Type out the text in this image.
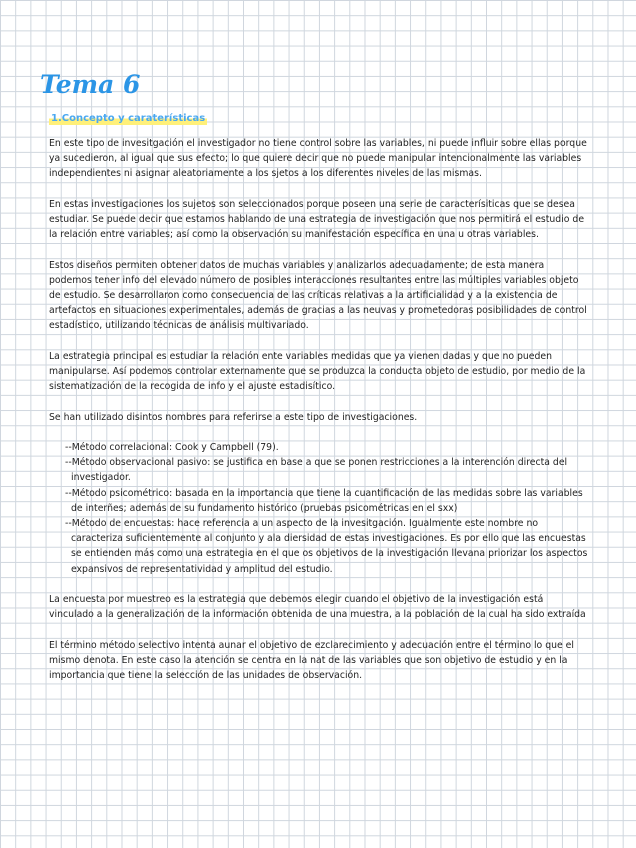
Tema 6
1.Concepto y caraterísticas

En este tipo de invesitgación el investigador no tiene control sobre las variables, ni puede influir sobre ellas porque ya sucedieron, al igual que sus efecto; lo que quiere decir que no puede manipular intencionalmente las variables independientes ni asignar aleatoriamente a los sjetos a los diferentes niveles de las mismas.

En estas investigaciones los sujetos son seleccionados porque poseen una serie de caracterísiticas que se desea estudiar. Se puede decir que estamos hablando de una estrategia de investigación que nos permitirá el estudio de la relación entre variables; así como la observación su manifestación específica en una u otras variables.

Estos diseños permiten obtener datos de muchas variables y analizarlos adecuadamente; de esta manera podemos tener info del elevado número de posibles interacciones resultantes entre las múltiples variables objeto de estudio. Se desarrollaron como consecuencia de las críticas relativas a la artificialidad y a la existencia de artefactos en situaciones experimentales, además de gracias a las neuvas y prometedoras posibilidades de control estadístico, utilizando técnicas de análisis multivariado.

La estrategia principal es estudiar la relación ente variables medidas que ya vienen dadas y que no pueden manipularse. Así podemos controlar externamente que se produzca la conducta objeto de estudio, por medio de la sistematización de la recogida de info y el ajuste estadisítico.

Se han utilizado disintos nombres para referirse a este tipo de investigaciones.

--Método correlacional: Cook y Campbell (79).
--Método observacional pasivo: se justifica en base a que se ponen restricciones a la interención directa del investigador.
--Método psicométrico: basada en la importancia que tiene la cuantificación de las medidas sobre las variables de interñes; además de su fundamento histórico (pruebas psicométricas en el sxx)
--Método de encuestas: hace referencia a un aspecto de la invesitgación. Igualmente este nombre no caracteriza suficientemente al conjunto y ala diersidad de estas investigaciones. Es por ello que las encuestas se entienden más como una estrategia en el que os objetivos de la investigación llevana priorizar los aspectos expansivos de representatividad y amplitud del estudio.

La encuesta por muestreo es la estrategia que debemos elegir cuando el objetivo de la investigación está vinculado a la generalización de la información obtenida de una muestra, a la población de la cual ha sido extraída

El término método selectivo intenta aunar el objetivo de ezclarecimiento y adecuación entre el término lo que el mismo denota. En este caso la atención se centra en la nat de las variables que son objetivo de estudio y en la importancia que tiene la selección de las unidades de observación.
